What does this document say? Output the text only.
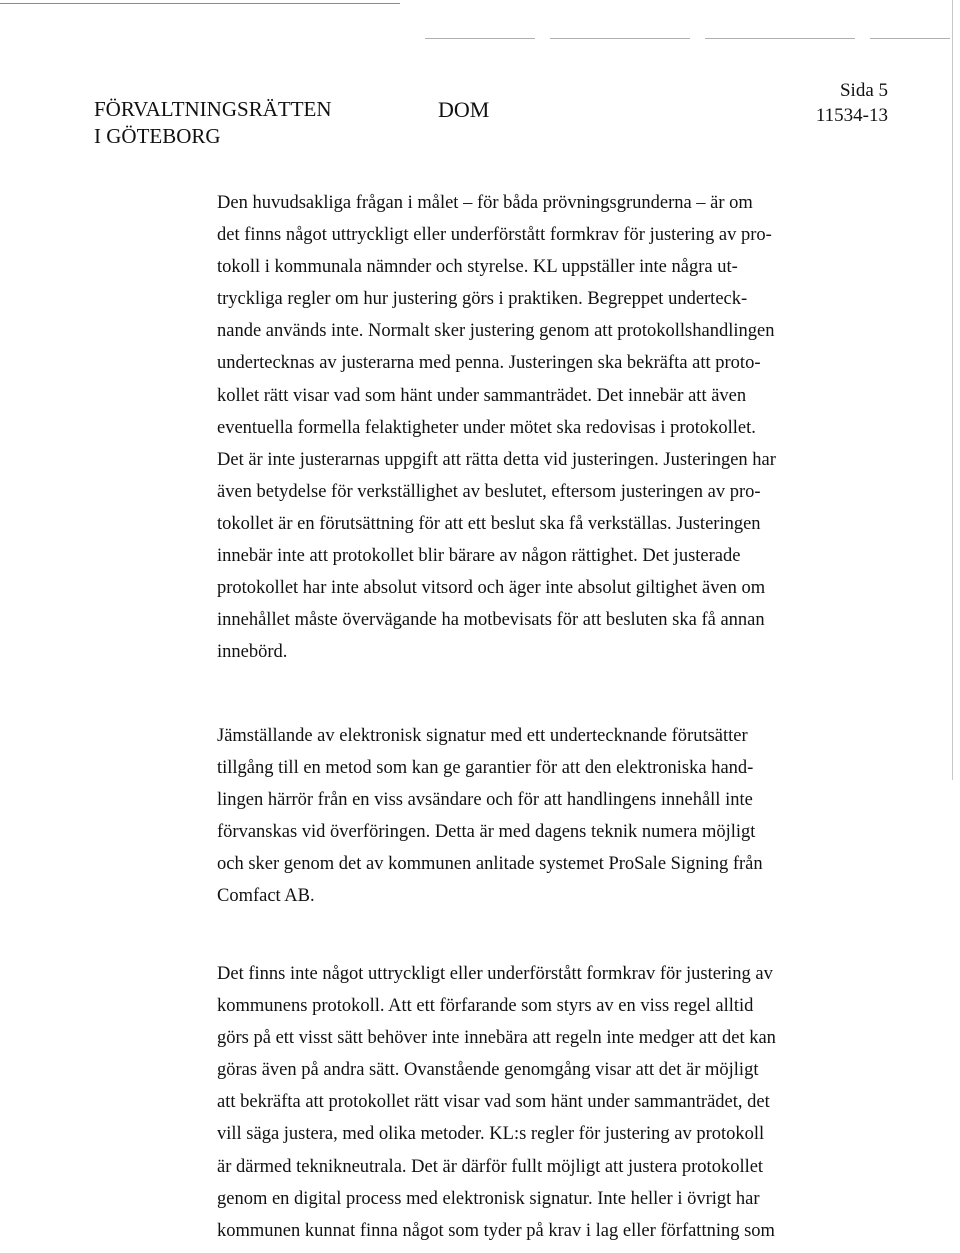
FÖRVALTNINGSRÄTTEN
I GÖTEBORG
DOM
Sida 5
11534-13
Den huvudsakliga frågan i målet – för båda prövningsgrunderna – är om
det finns något uttryckligt eller underförstått formkrav för justering av pro-
tokoll i kommunala nämnder och styrelse. KL uppställer inte några ut-
tryckliga regler om hur justering görs i praktiken. Begreppet underteck-
nande används inte. Normalt sker justering genom att protokollshandlingen
undertecknas av justerarna med penna. Justeringen ska bekräfta att proto-
kollet rätt visar vad som hänt under sammanträdet. Det innebär att även
eventuella formella felaktigheter under mötet ska redovisas i protokollet.
Det är inte justerarnas uppgift att rätta detta vid justeringen. Justeringen har
även betydelse för verkställighet av beslutet, eftersom justeringen av pro-
tokollet är en förutsättning för att ett beslut ska få verkställas. Justeringen
innebär inte att protokollet blir bärare av någon rättighet. Det justerade
protokollet har inte absolut vitsord och äger inte absolut giltighet även om
innehållet måste övervägande ha motbevisats för att besluten ska få annan
innebörd.
Jämställande av elektronisk signatur med ett undertecknande förutsätter
tillgång till en metod som kan ge garantier för att den elektroniska hand-
lingen härrör från en viss avsändare och för att handlingens innehåll inte
förvanskas vid överföringen. Detta är med dagens teknik numera möjligt
och sker genom det av kommunen anlitade systemet ProSale Signing från
Comfact AB.
Det finns inte något uttryckligt eller underförstått formkrav för justering av
kommunens protokoll. Att ett förfarande som styrs av en viss regel alltid
görs på ett visst sätt behöver inte innebära att regeln inte medger att det kan
göras även på andra sätt. Ovanstående genomgång visar att det är möjligt
att bekräfta att protokollet rätt visar vad som hänt under sammanträdet, det
vill säga justera, med olika metoder. KL:s regler för justering av protokoll
är därmed teknikneutrala. Det är därför fullt möjligt att justera protokollet
genom en digital process med elektronisk signatur. Inte heller i övrigt har
kommunen kunnat finna något som tyder på krav i lag eller författning som
